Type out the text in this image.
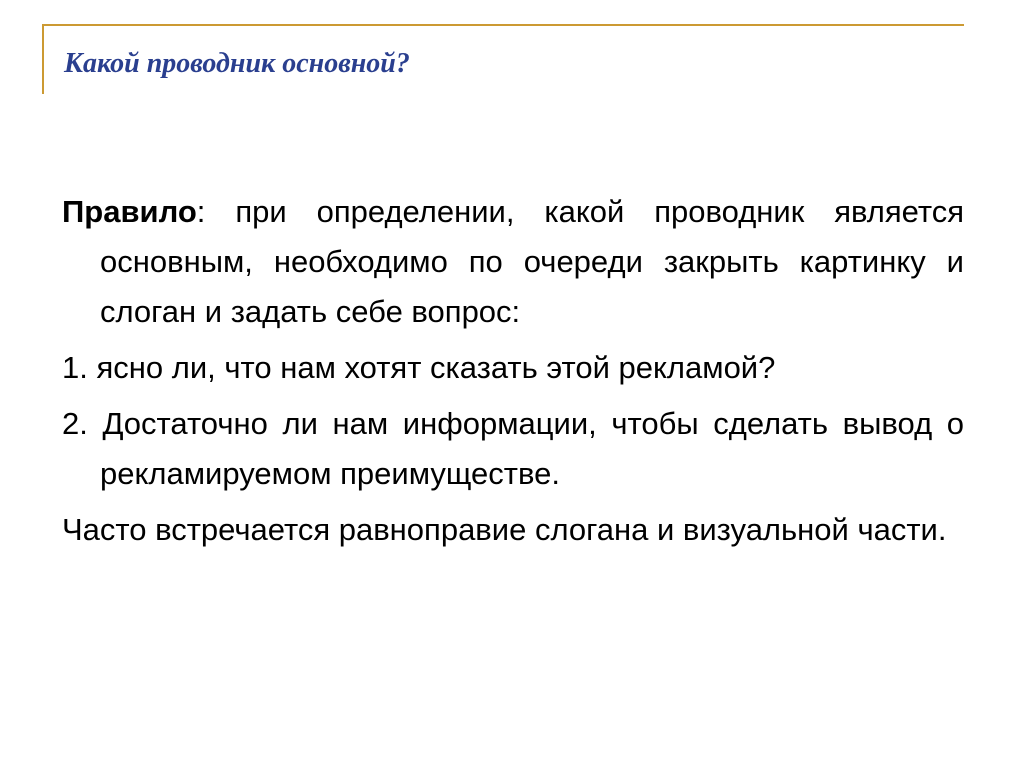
Какой проводник основной?

Правило: при определении, какой проводник является основным, необходимо по очереди закрыть картинку и слоган и задать себе вопрос:

1. ясно ли, что нам хотят сказать этой рекламой?

2. Достаточно ли нам информации, чтобы сделать вывод о рекламируемом преимуществе.

Часто встречается равноправие слогана и визуальной части.
